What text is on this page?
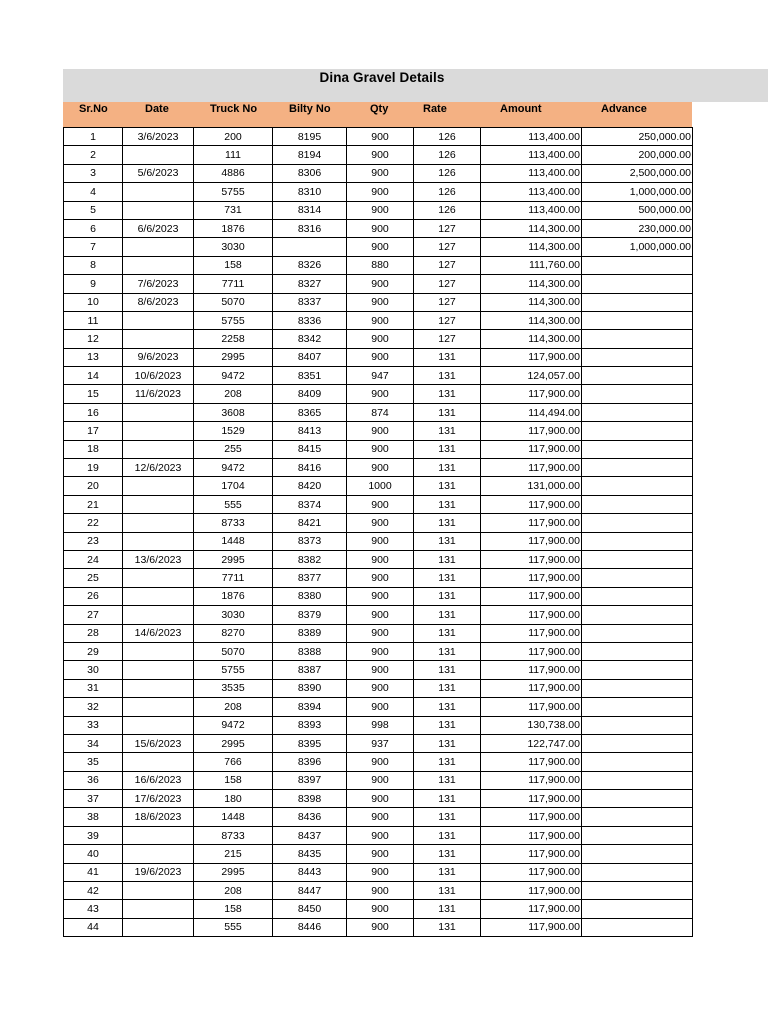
Dina Gravel Details
Sr.No	Date	Truck No	Bilty No	Qty	Rate	Amount	Advance
1	3/6/2023	200	8195	900	126	113,400.00	250,000.00
2		111	8194	900	126	113,400.00	200,000.00
3	5/6/2023	4886	8306	900	126	113,400.00	2,500,000.00
4		5755	8310	900	126	113,400.00	1,000,000.00
5		731	8314	900	126	113,400.00	500,000.00
6	6/6/2023	1876	8316	900	127	114,300.00	230,000.00
7		3030		900	127	114,300.00	1,000,000.00
8		158	8326	880	127	111,760.00	
9	7/6/2023	7711	8327	900	127	114,300.00	
10	8/6/2023	5070	8337	900	127	114,300.00	
11		5755	8336	900	127	114,300.00	
12		2258	8342	900	127	114,300.00	
13	9/6/2023	2995	8407	900	131	117,900.00	
14	10/6/2023	9472	8351	947	131	124,057.00	
15	11/6/2023	208	8409	900	131	117,900.00	
16		3608	8365	874	131	114,494.00	
17		1529	8413	900	131	117,900.00	
18		255	8415	900	131	117,900.00	
19	12/6/2023	9472	8416	900	131	117,900.00	
20		1704	8420	1000	131	131,000.00	
21		555	8374	900	131	117,900.00	
22		8733	8421	900	131	117,900.00	
23		1448	8373	900	131	117,900.00	
24	13/6/2023	2995	8382	900	131	117,900.00	
25		7711	8377	900	131	117,900.00	
26		1876	8380	900	131	117,900.00	
27		3030	8379	900	131	117,900.00	
28	14/6/2023	8270	8389	900	131	117,900.00	
29		5070	8388	900	131	117,900.00	
30		5755	8387	900	131	117,900.00	
31		3535	8390	900	131	117,900.00	
32		208	8394	900	131	117,900.00	
33		9472	8393	998	131	130,738.00	
34	15/6/2023	2995	8395	937	131	122,747.00	
35		766	8396	900	131	117,900.00	
36	16/6/2023	158	8397	900	131	117,900.00	
37	17/6/2023	180	8398	900	131	117,900.00	
38	18/6/2023	1448	8436	900	131	117,900.00	
39		8733	8437	900	131	117,900.00	
40		215	8435	900	131	117,900.00	
41	19/6/2023	2995	8443	900	131	117,900.00	
42		208	8447	900	131	117,900.00	
43		158	8450	900	131	117,900.00	
44		555	8446	900	131	117,900.00	
